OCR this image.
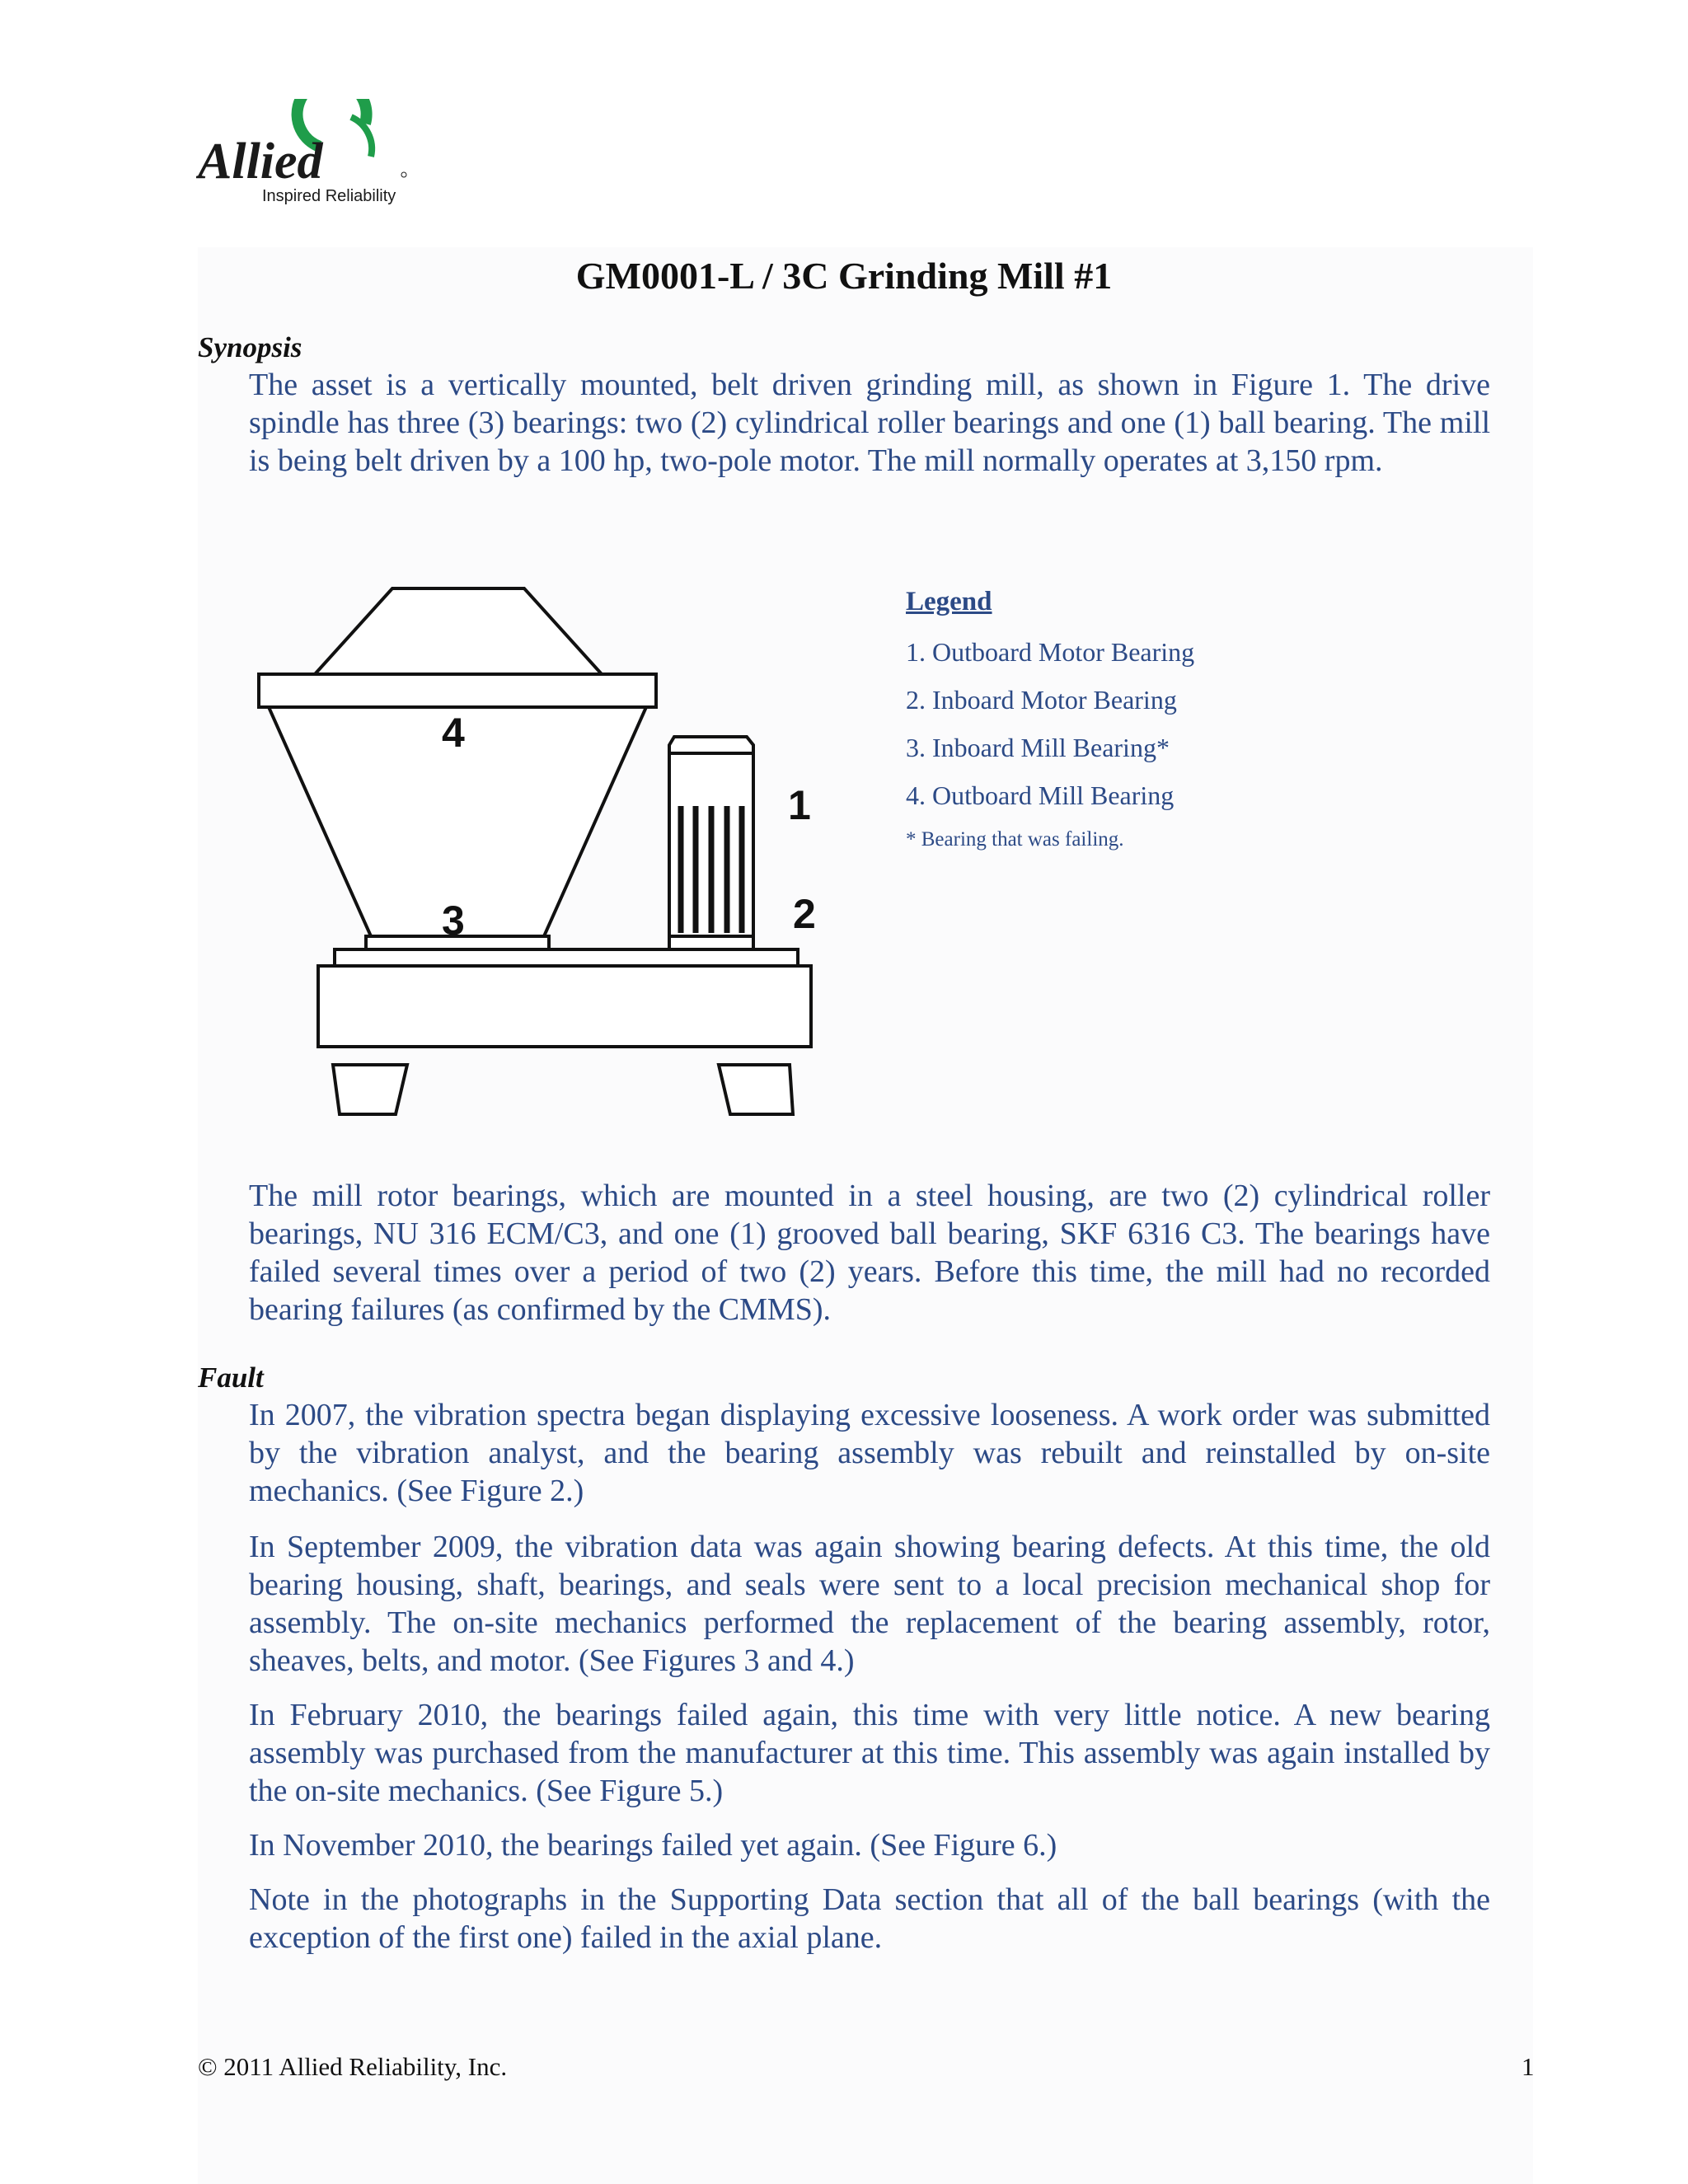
Allied
Inspired Reliability
GM0001-L / 3C Grinding Mill #1
Synopsis

The asset is a vertically mounted, belt driven grinding mill, as shown in Figure 1. The drive spindle has three (3) bearings: two (2) cylindrical roller bearings and one (1) ball bearing. The mill is being belt driven by a 100 hp, two-pole motor. The mill normally operates at 3,150 rpm.

4
1
3	2
Legend
1. Outboard Motor Bearing
2. Inboard Motor Bearing
3. Inboard Mill Bearing*
4. Outboard Mill Bearing
* Bearing that was failing.

The mill rotor bearings, which are mounted in a steel housing, are two (2) cylindrical roller bearings, NU 316 ECM/C3, and one (1) grooved ball bearing, SKF 6316 C3. The bearings have failed several times over a period of two (2) years. Before this time, the mill had no recorded bearing failures (as confirmed by the CMMS).

Fault

In 2007, the vibration spectra began displaying excessive looseness. A work order was submitted by the vibration analyst, and the bearing assembly was rebuilt and reinstalled by on-site mechanics. (See Figure 2.)

In September 2009, the vibration data was again showing bearing defects. At this time, the old bearing housing, shaft, bearings, and seals were sent to a local precision mechanical shop for assembly. The on-site mechanics performed the replacement of the bearing assembly, rotor, sheaves, belts, and motor. (See Figures 3 and 4.)

In February 2010, the bearings failed again, this time with very little notice. A new bearing assembly was purchased from the manufacturer at this time. This assembly was again installed by the on-site mechanics. (See Figure 5.)

In November 2010, the bearings failed yet again. (See Figure 6.)

Note in the photographs in the Supporting Data section that all of the ball bearings (with the exception of the first one) failed in the axial plane.

© 2011 Allied Reliability, Inc.	1
